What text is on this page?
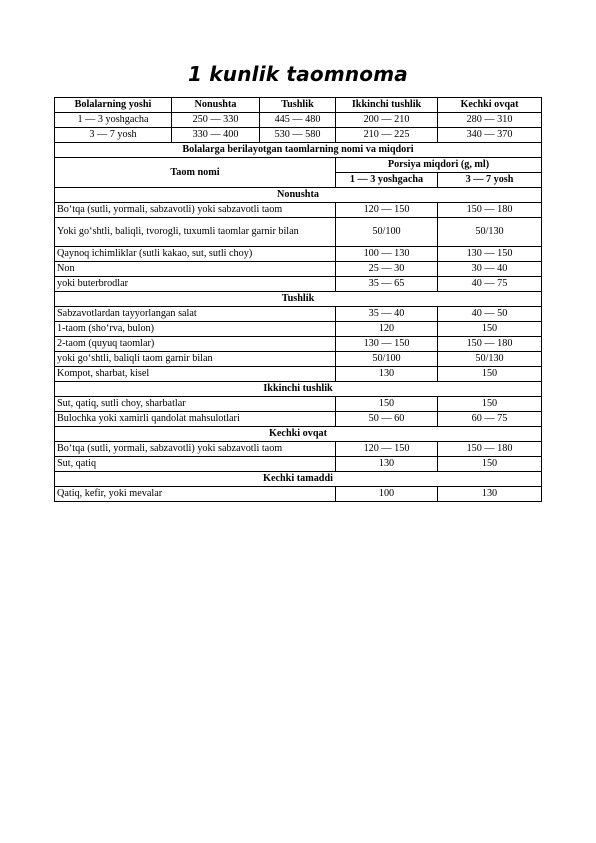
1 kunlik taomnoma
Bolalarning yoshi	Nonushta	Tushlik	Ikkinchi tushlik	Kechki ovqat
1 — 3 yoshgacha	250 — 330	445 — 480	200 — 210	280 — 310
3 — 7 yosh	330 — 400	530 — 580	210 — 225	340 — 370
Bolalarga berilayotgan taomlarning nomi va miqdori				
Taom nomi			Porsiya miqdori (g, ml)	
			1 — 3 yoshgacha	3 — 7 yosh
Nonushta				
Bo‘tqa (sutli, yormali, sabzavotli) yoki sabzavotli taom			120 — 150	150 — 180
Yoki go‘shtli, baliqli, tvorogli, tuxumli taomlar garnir bilan			50/100	50/130
Qaynoq ichimliklar (sutli kakao, sut, sutli choy)			100 — 130	130 — 150
Non			25 — 30	30 — 40
yoki buterbrodlar			35 — 65	40 — 75
Tushlik				
Sabzavotlardan tayyorlangan salat			35 — 40	40 — 50
1-taom (sho‘rva, bulon)			120	150
2-taom (quyuq taomlar)			130 — 150	150 — 180
yoki go‘shtli, baliqli taom garnir bilan			50/100	50/130
Kompot, sharbat, kisel			130	150
Ikkinchi tushlik				
Sut, qatiq, sutli choy, sharbatlar			150	150
Bulochka yoki xamirli qandolat mahsulotlari			50 — 60	60 — 75
Kechki ovqat				
Bo‘tqa (sutli, yormali, sabzavotli) yoki sabzavotli taom			120 — 150	150 — 180
Sut, qatiq			130	150
Kechki tamaddi				
Qatiq, kefir, yoki mevalar			100	130
